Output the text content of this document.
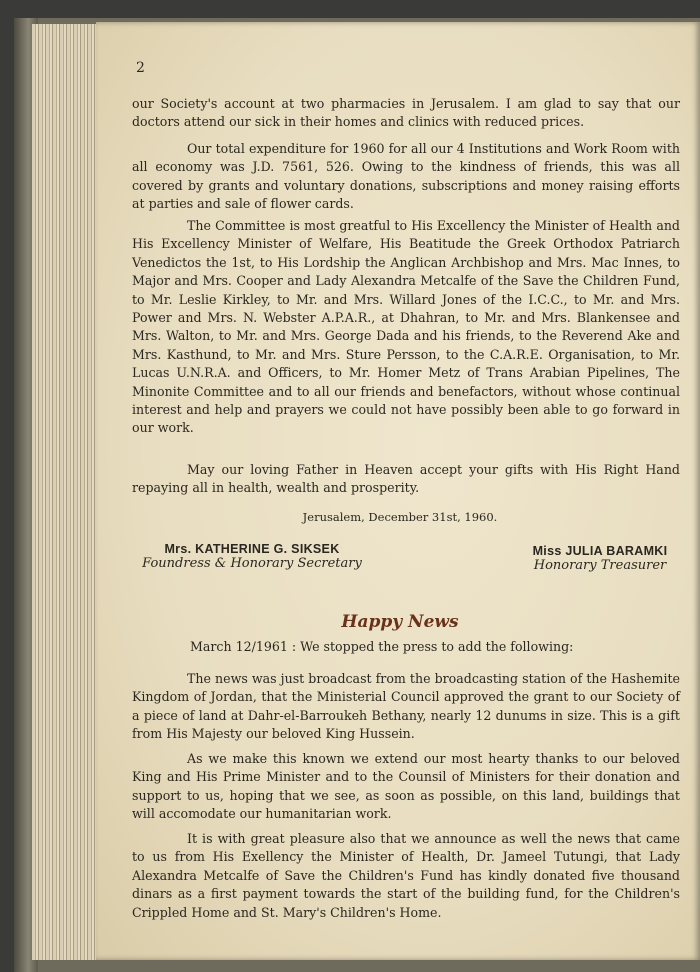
2
our Society's account at two pharmacies in Jerusalem. I am glad to say that our doctors attend our sick in their homes and clinics with reduced prices.
Our total expenditure for 1960 for all our 4 Institutions and Work Room with all economy was J.D. 7561, 526. Owing to the kindness of friends, this was all covered by grants and voluntary donations, subscriptions and money raising efforts at parties and sale of flower cards.
The Committee is most greatful to His Excellency the Minister of Health and His Excellency Minister of Welfare, His Beatitude the Greek Orthodox Patriarch Venedictos the 1st, to His Lordship the Anglican Archbishop and Mrs. Mac Innes, to Major and Mrs. Cooper and Lady Alexandra Metcalfe of the Save the Children Fund, to Mr. Leslie Kirkley, to Mr. and Mrs. Willard Jones of the I.C.C., to Mr. and Mrs. Power and Mrs. N. Webster A.P.A.R., at Dhahran, to Mr. and Mrs. Blankensee and Mrs. Walton, to Mr. and Mrs. George Dada and his friends, to the Reverend Ake and Mrs. Kasthund, to Mr. and Mrs. Sture Persson, to the C.A.R.E. Organisation, to Mr. Lucas U.N.R.A. and Officers, to Mr. Homer Metz of Trans Arabian Pipelines, The Minonite Committee and to all our friends and benefactors, without whose continual interest and help and prayers we could not have possibly been able to go forward in our work.
May our loving Father in Heaven accept your gifts with His Right Hand repaying all in health, wealth and prosperity.
Jerusalem, December 31st, 1960.
Mrs. KATHERINE G. SIKSEK
Foundress & Honorary Secretary
Miss JULIA BARAMKI
Honorary Treasurer
Happy News
March 12/1961 : We stopped the press to add the following:
The news was just broadcast from the broadcasting station of the Hashemite Kingdom of Jordan, that the Ministerial Council approved the grant to our Society of a piece of land at Dahr-el-Barroukeh Bethany, nearly 12 dunums in size. This is a gift from His Majesty our beloved King Hussein.
As we make this known we extend our most hearty thanks to our beloved King and His Prime Minister and to the Counsil of Ministers for their donation and support to us, hoping that we see, as soon as possible, on this land, buildings that will accomodate our humanitarian work.
It is with great pleasure also that we announce as well the news that came to us from His Exellency the Minister of Health, Dr. Jameel Tutungi, that Lady Alexandra Metcalfe of Save the Children's Fund has kindly donated five thousand dinars as a first payment towards the start of the building fund, for the Children's Crippled Home and St. Mary's Children's Home.
